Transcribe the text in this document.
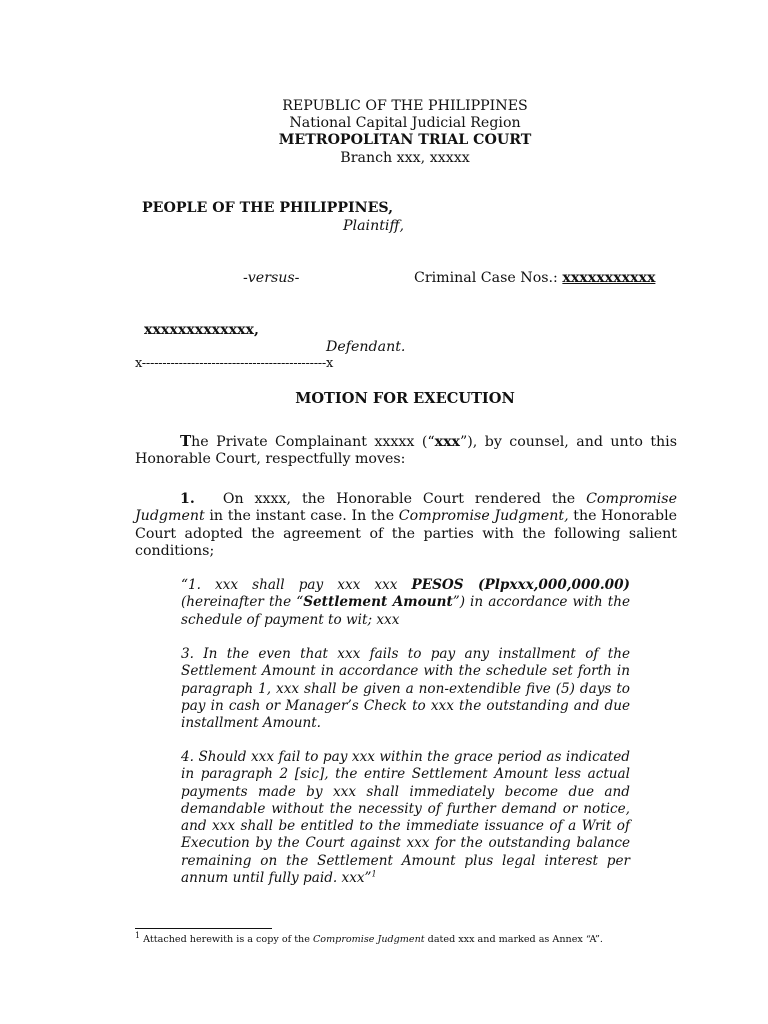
REPUBLIC OF THE PHILIPPINES
National Capital Judicial Region
METROPOLITAN TRIAL COURT
Branch xxx, xxxxx
PEOPLE OF THE PHILIPPINES,
Plaintiff,
-versus-	Criminal Case Nos.: xxxxxxxxxxx
xxxxxxxxxxxxx,
Defendant.
x---------------------------------------------x
MOTION FOR EXECUTION
The Private Complainant xxxxx (“xxx”), by counsel, and unto this Honorable Court, respectfully moves:
1. On xxxx, the Honorable Court rendered the Compromise Judgment in the instant case. In the Compromise Judgment, the Honorable Court adopted the agreement of the parties with the following salient conditions;
“1. xxx shall pay xxx xxx PESOS (Plpxxx,000,000.00) (hereinafter the “Settlement Amount”) in accordance with the schedule of payment to wit; xxx
3. In the even that xxx fails to pay any installment of the Settlement Amount in accordance with the schedule set forth in paragraph 1, xxx shall be given a non-extendible five (5) days to pay in cash or Manager’s Check to xxx the outstanding and due installment Amount.
4. Should xxx fail to pay xxx within the grace period as indicated in paragraph 2 [sic], the entire Settlement Amount less actual payments made by xxx shall immediately become due and demandable without the necessity of further demand or notice, and xxx shall be entitled to the immediate issuance of a Writ of Execution by the Court against xxx for the outstanding balance remaining on the Settlement Amount plus legal interest per annum until fully paid. xxx”$^1$
$^1$ Attached herewith is a copy of the Compromise Judgment dated xxx and marked as Annex “A”.
